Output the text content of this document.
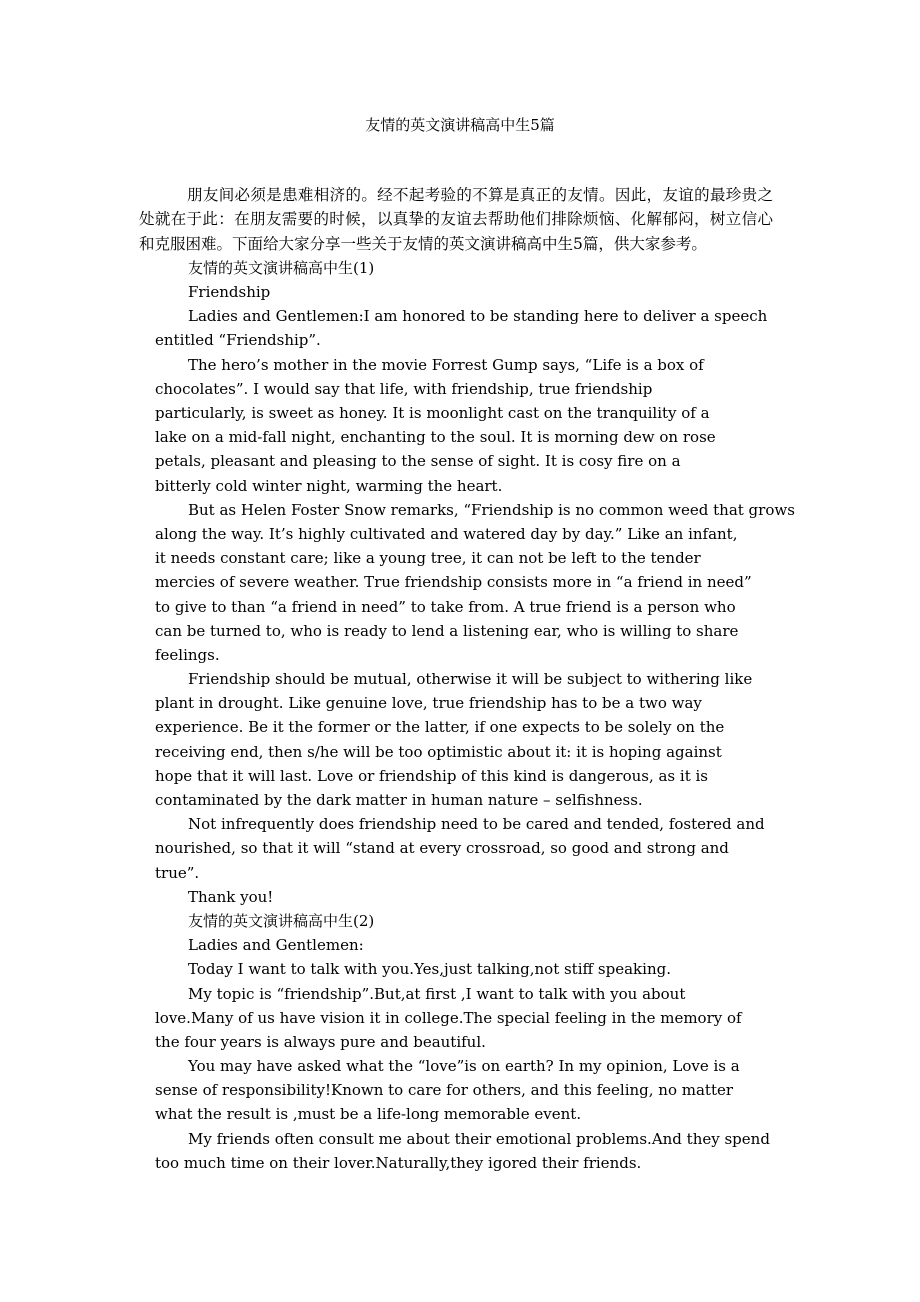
友情的英文演讲稿高中生5篇

朋友间必须是患难相济的。经不起考验的不算是真正的友情。因此，友谊的最珍贵之处就在于此：在朋友需要的时候，以真挚的友谊去帮助他们排除烦恼、化解郁闷，树立信心和克服困难。下面给大家分享一些关于友情的英文演讲稿高中生5篇，供大家参考。

友情的英文演讲稿高中生(1)
Friendship
Ladies and Gentlemen:I am honored to be standing here to deliver a speech
entitled “Friendship”.
The hero’s mother in the movie Forrest Gump says, “Life is a box of
chocolates”. I would say that life, with friendship, true friendship
particularly, is sweet as honey. It is moonlight cast on the tranquility of a
lake on a mid-fall night, enchanting to the soul. It is morning dew on rose
petals, pleasant and pleasing to the sense of sight. It is cosy fire on a
bitterly cold winter night, warming the heart.
But as Helen Foster Snow remarks, “Friendship is no common weed that grows
along the way. It’s highly cultivated and watered day by day.” Like an infant,
it needs constant care; like a young tree, it can not be left to the tender
mercies of severe weather. True friendship consists more in “a friend in need”
to give to than “a friend in need” to take from. A true friend is a person who
can be turned to, who is ready to lend a listening ear, who is willing to share
feelings.
Friendship should be mutual, otherwise it will be subject to withering like
plant in drought. Like genuine love, true friendship has to be a two way
experience. Be it the former or the latter, if one expects to be solely on the
receiving end, then s/he will be too optimistic about it: it is hoping against
hope that it will last. Love or friendship of this kind is dangerous, as it is
contaminated by the dark matter in human nature – selfishness.
Not infrequently does friendship need to be cared and tended, fostered and
nourished, so that it will “stand at every crossroad, so good and strong and
true”.
Thank you!
友情的英文演讲稿高中生(2)
Ladies and Gentlemen:
Today I want to talk with you.Yes,just talking,not stiff speaking.
My topic is “friendship”.But,at first ,I want to talk with you about
love.Many of us have vision it in college.The special feeling in the memory of
the four years is always pure and beautiful.
You may have asked what the “love”is on earth? In my opinion, Love is a
sense of responsibility!Known to care for others, and this feeling, no matter
what the result is ,must be a life-long memorable event.
My friends often consult me about their emotional problems.And they spend
too much time on their lover.Naturally,they igored their friends.
